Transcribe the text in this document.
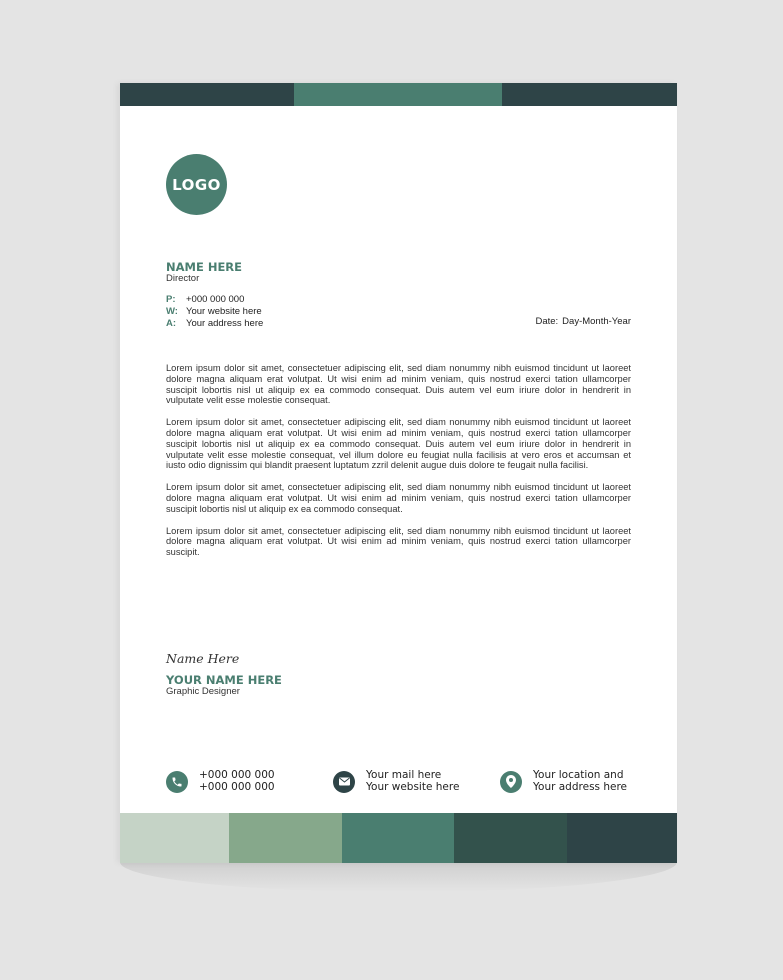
LOGO
NAME HERE
Director
P:	+000 000 000
W: Your website here
A:	Your address here	Date: Day-Month-Year

Lorem ipsum dolor sit amet, consectetuer adipiscing elit, sed diam nonummy nibh euismod tincidunt ut laoreet dolore magna aliquam erat volutpat. Ut wisi enim ad minim veniam, quis nostrud exerci tation ullamcorper suscipit lobortis nisl ut aliquip ex ea commodo consequat. Duis autem vel eum iriure dolor in hendrerit in vulputate velit esse molestie consequat.

Lorem ipsum dolor sit amet, consectetuer adipiscing elit, sed diam nonummy nibh euismod tincidunt ut laoreet dolore magna aliquam erat volutpat. Ut wisi enim ad minim veniam, quis nostrud exerci tation ullamcorper suscipit lobortis nisl ut aliquip ex ea commodo consequat. Duis autem vel eum iriure dolor in hendrerit in vulputate velit esse molestie consequat, vel illum dolore eu feugiat nulla facilisis at vero eros et accumsan et iusto odio dignissim qui blandit praesent luptatum zzril delenit augue duis dolore te feugait nulla facilisi.

Lorem ipsum dolor sit amet, consectetuer adipiscing elit, sed diam nonummy nibh euismod tincidunt ut laoreet dolore magna aliquam erat volutpat. Ut wisi enim ad minim veniam, quis nostrud exerci tation ullamcorper suscipit lobortis nisl ut aliquip ex ea commodo consequat.

Lorem ipsum dolor sit amet, consectetuer adipiscing elit, sed diam nonummy nibh euismod tincidunt ut laoreet dolore magna aliquam erat volutpat. Ut wisi enim ad minim veniam, quis nostrud exerci tation ullamcorper suscipit.

Name Here
YOUR NAME HERE
Graphic Designer
+000 000 000
+000 000 000
Your mail here
Your website here
Your location and
Your address here
